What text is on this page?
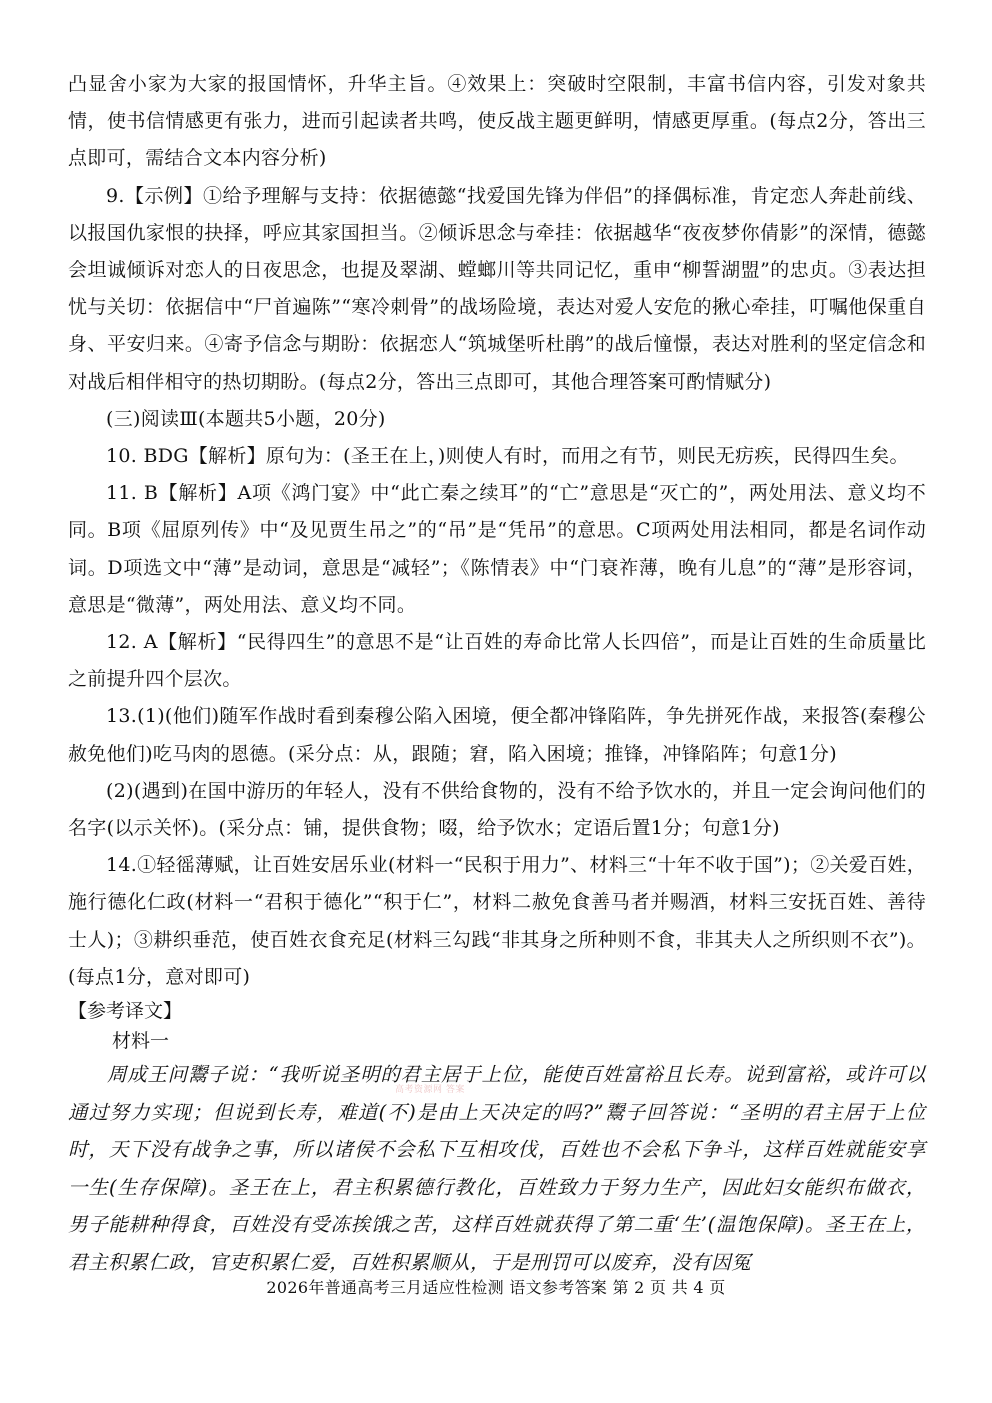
凸显舍小家为大家的报国情怀，升华主旨。④效果上：突破时空限制，丰富书信内容，引发对象共情，使书信情感更有张力，进而引起读者共鸣，使反战主题更鲜明，情感更厚重。(每点2分，答出三点即可，需结合文本内容分析)

9.【示例】①给予理解与支持：依据德懿“找爱国先锋为伴侣”的择偶标准，肯定恋人奔赴前线、以报国仇家恨的抉择，呼应其家国担当。②倾诉思念与牵挂：依据越华“夜夜梦你倩影”的深情，德懿会坦诚倾诉对恋人的日夜思念，也提及翠湖、螳螂川等共同记忆，重申“柳誓湖盟”的忠贞。③表达担忧与关切：依据信中“尸首遍陈”“寒冷刺骨”的战场险境，表达对爱人安危的揪心牵挂，叮嘱他保重自身、平安归来。④寄予信念与期盼：依据恋人“筑城堡听杜鹃”的战后憧憬，表达对胜利的坚定信念和对战后相伴相守的热切期盼。(每点2分，答出三点即可，其他合理答案可酌情赋分)

(三)阅读Ⅲ(本题共5小题，20分)

10. BDG【解析】原句为：(圣王在上，)则使人有时，而用之有节，则民无疠疾，民得四生矣。

11. B【解析】A项《鸿门宴》中“此亡秦之续耳”的“亡”意思是“灭亡的”，两处用法、意义均不同。B项《屈原列传》中“及见贾生吊之”的“吊”是“凭吊”的意思。C项两处用法相同，都是名词作动词。D项选文中“薄”是动词，意思是“减轻”；《陈情表》中“门衰祚薄，晚有儿息”的“薄”是形容词，意思是“微薄”，两处用法、意义均不同。

12. A【解析】“民得四生”的意思不是“让百姓的寿命比常人长四倍”，而是让百姓的生命质量比之前提升四个层次。

13.(1)(他们)随军作战时看到秦穆公陷入困境，便全都冲锋陷阵，争先拼死作战，来报答(秦穆公赦免他们)吃马肉的恩德。(采分点：从，跟随；窘，陷入困境；推锋，冲锋陷阵；句意1分)

(2)(遇到)在国中游历的年轻人，没有不供给食物的，没有不给予饮水的，并且一定会询问他们的名字(以示关怀)。(采分点：铺，提供食物；啜，给予饮水；定语后置1分；句意1分)

14.①轻徭薄赋，让百姓安居乐业(材料一“民积于用力”、材料三“十年不收于国”)；②关爱百姓，施行德化仁政(材料一“君积于德化”“积于仁”，材料二赦免食善马者并赐酒，材料三安抚百姓、善待士人)；③耕织垂范，使百姓衣食充足(材料三勾践“非其身之所种则不食，非其夫人之所织则不衣”)。(每点1分，意对即可)

【参考译文】

材料一

周成王问鬻子说：“我听说圣明的君主居于上位，能使百姓富裕且长寿。说到富裕，或许可以通过努力实现；但说到长寿，难道(不)是由上天决定的吗?”鬻子回答说：“圣明的君主居于上位时，天下没有战争之事，所以诸侯不会私下互相攻伐，百姓也不会私下争斗，这样百姓就能安享一生(生存保障)。圣王在上，君主积累德行教化，百姓致力于努力生产，因此妇女能织布做衣，男子能耕种得食，百姓没有受冻挨饿之苦，这样百姓就获得了第二重‘生’(温饱保障)。圣王在上，君主积累仁政，官吏积累仁爱，百姓积累顺从，于是刑罚可以废弃，没有因冤

高考资源网 答案
2026年普通高考三月适应性检测 语文参考答案 第 2 页 共 4 页
